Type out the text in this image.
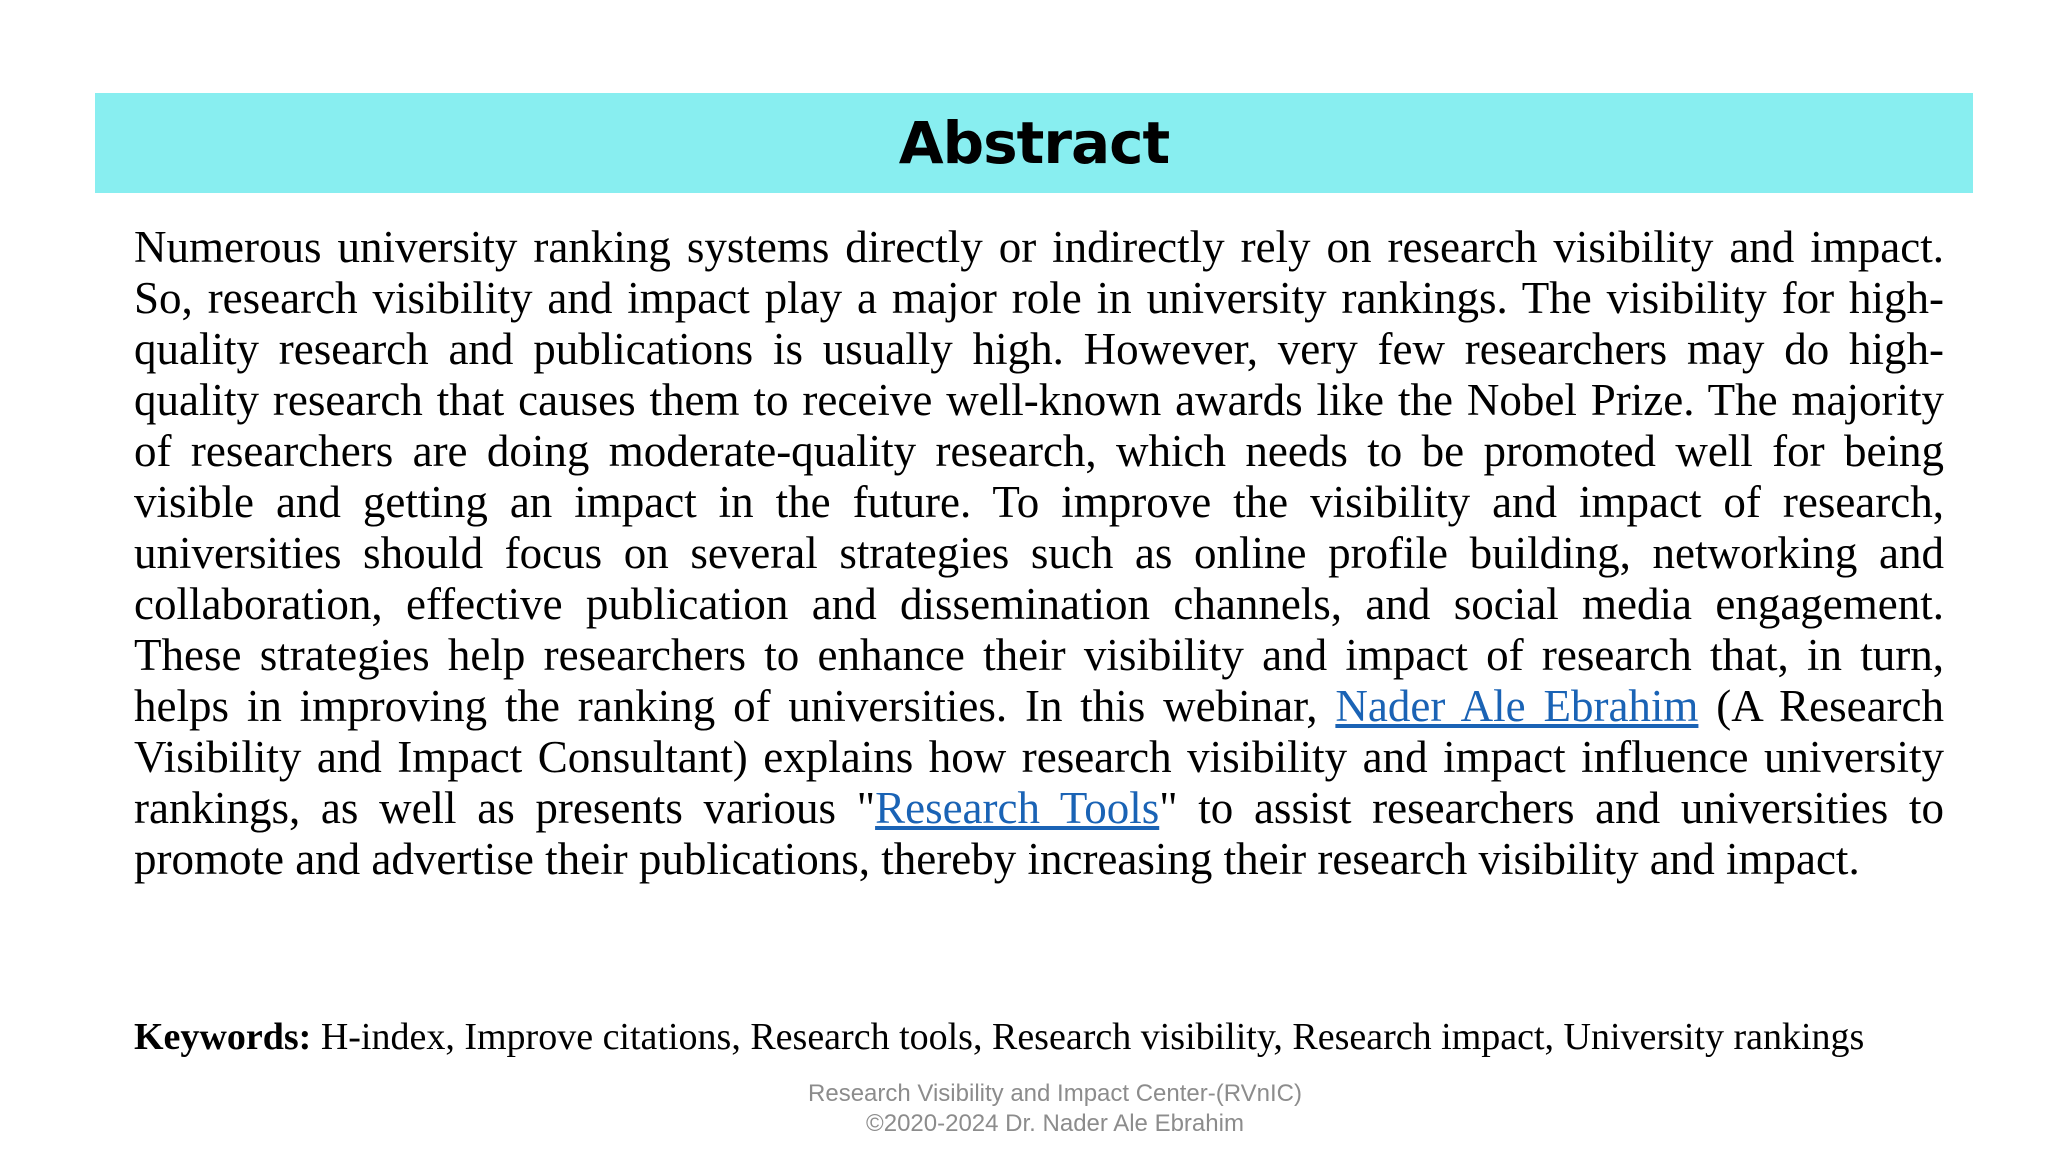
Abstract

Numerous university ranking systems directly or indirectly rely on research visibility and impact. So, research visibility and impact play a major role in university rankings. The visibility for high-quality research and publications is usually high. However, very few researchers may do high-quality research that causes them to receive well-known awards like the Nobel Prize. The majority of researchers are doing moderate-quality research, which needs to be promoted well for being visible and getting an impact in the future. To improve the visibility and impact of research, universities should focus on several strategies such as online profile building, networking and collaboration, effective publication and dissemination channels, and social media engagement. These strategies help researchers to enhance their visibility and impact of research that, in turn, helps in improving the ranking of universities. In this webinar, Nader Ale Ebrahim (A Research Visibility and Impact Consultant) explains how research visibility and impact influence university rankings, as well as presents various "Research Tools" to assist researchers and universities to promote and advertise their publications, thereby increasing their research visibility and impact.

Keywords: H-index, Improve citations, Research tools, Research visibility, Research impact, University rankings

Research Visibility and Impact Center-(RVnIC)
©2020-2024 Dr. Nader Ale Ebrahim
